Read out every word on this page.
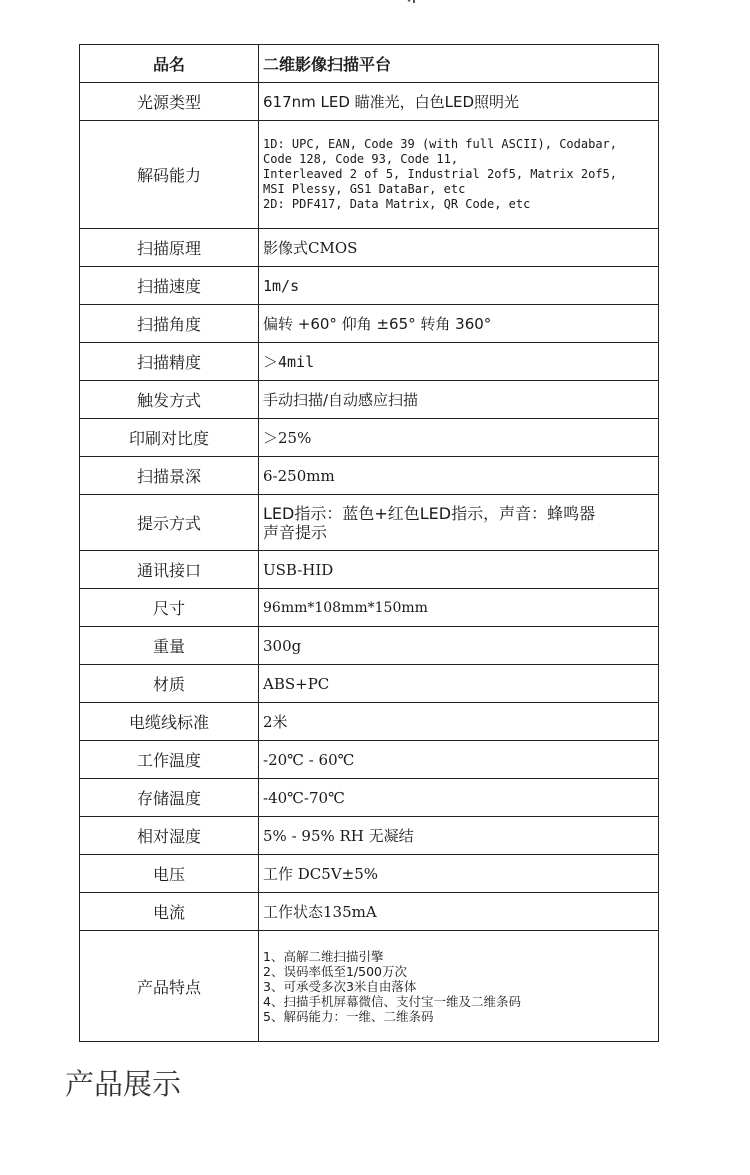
品名	二维影像扫描平台
光源类型	617nm LED 瞄准光，白色LED照明光
解码能力	1D: UPC, EAN, Code 39 (with full ASCII), Codabar,
Code 128, Code 93, Code 11,
Interleaved 2 of 5, Industrial 2of5, Matrix 2of5,
MSI Plessy, GS1 DataBar, etc
2D: PDF417, Data Matrix, QR Code, etc

扫描原理	影像式CMOS
扫描速度	1m/s
扫描角度	偏转 +60° 仰角 ±65° 转角 360°
扫描精度	＞4mil
触发方式	手动扫描/自动感应扫描
印刷对比度	＞25%
扫描景深	6-250mm
提示方式	LED指示：蓝色+红色LED指示，声音：蜂鸣器
声音提示

通讯接口	USB-HID
尺寸	96mm*108mm*150mm
重量	300g
材质	ABS+PC
电缆线标准	2米
工作温度	-20℃ - 60℃
存储温度	-40℃-70℃
相对湿度	5% - 95% RH 无凝结
电压	工作 DC5V±5%
电流	工作状态135mA
产品特点	1、高解二维扫描引擎
2、误码率低至1/500万次
3、可承受多次3米自由落体
4、扫描手机屏幕微信、支付宝一维及二维条码
5、解码能力：一维、二维条码
产品展示
